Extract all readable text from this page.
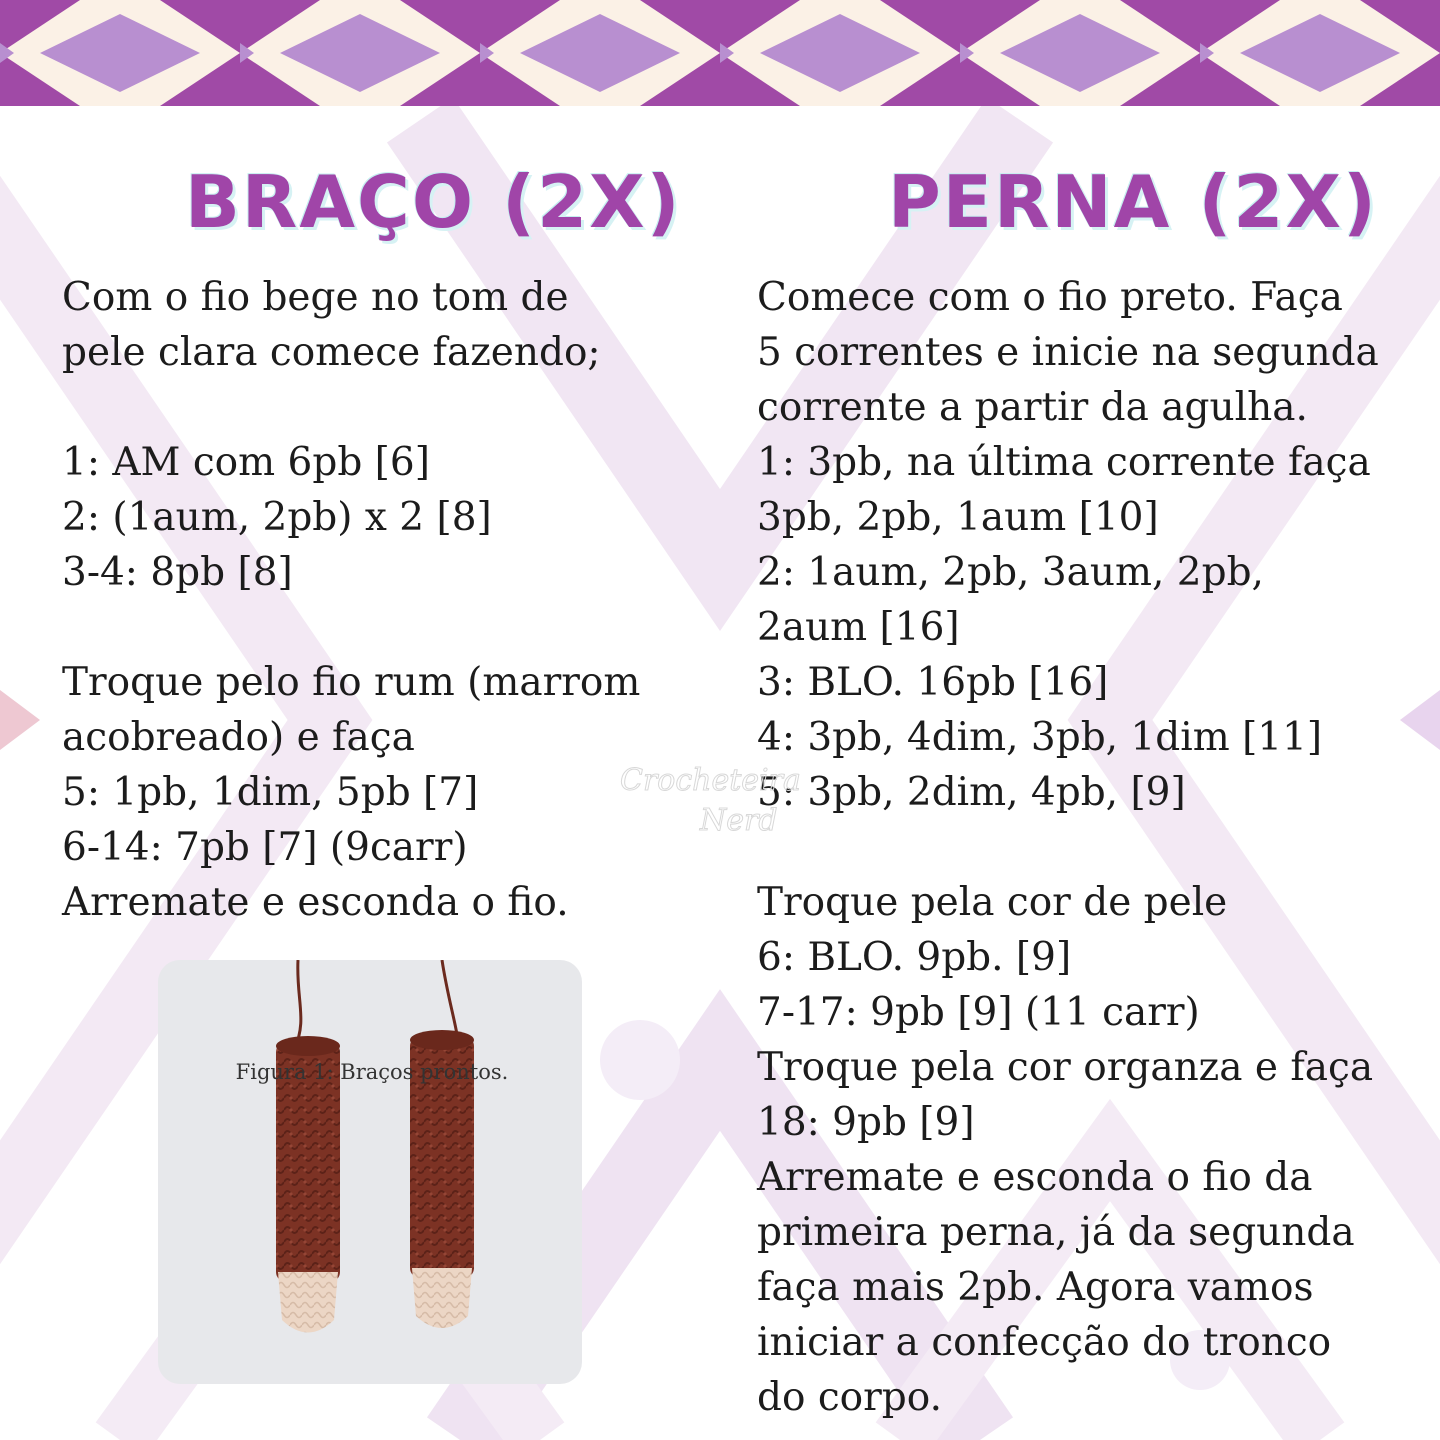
BRAÇO (2X)	PERNA (2X)
Com o fio bege no tom de
pele clara comece fazendo;
1: AM com 6pb [6]
2: (1aum, 2pb) x 2 [8]
3-4: 8pb [8]
Troque pelo fio rum (marrom
acobreado) e faça
5: 1pb, 1dim, 5pb [7]
6-14: 7pb [7] (9carr)
Arremate e esconda o fio.
Comece com o fio preto. Faça
5 correntes e inicie na segunda
corrente a partir da agulha.
1: 3pb, na última corrente faça
3pb, 2pb, 1aum [10]
2: 1aum, 2pb, 3aum, 2pb,
2aum [16]
3: BLO. 16pb [16]
4: 3pb, 4dim, 3pb, 1dim [11]
5: 3pb, 2dim, 4pb, [9]
Troque pela cor de pele
6: BLO. 9pb. [9]
7-17: 9pb [9] (11 carr)
Troque pela cor organza e faça
18: 9pb [9]
Arremate e esconda o fio da
primeira perna, já da segunda
faça mais 2pb. Agora vamos
iniciar a confecção do tronco
do corpo.
Crocheteira
Nerd
Figura 1: Braços prontos.
